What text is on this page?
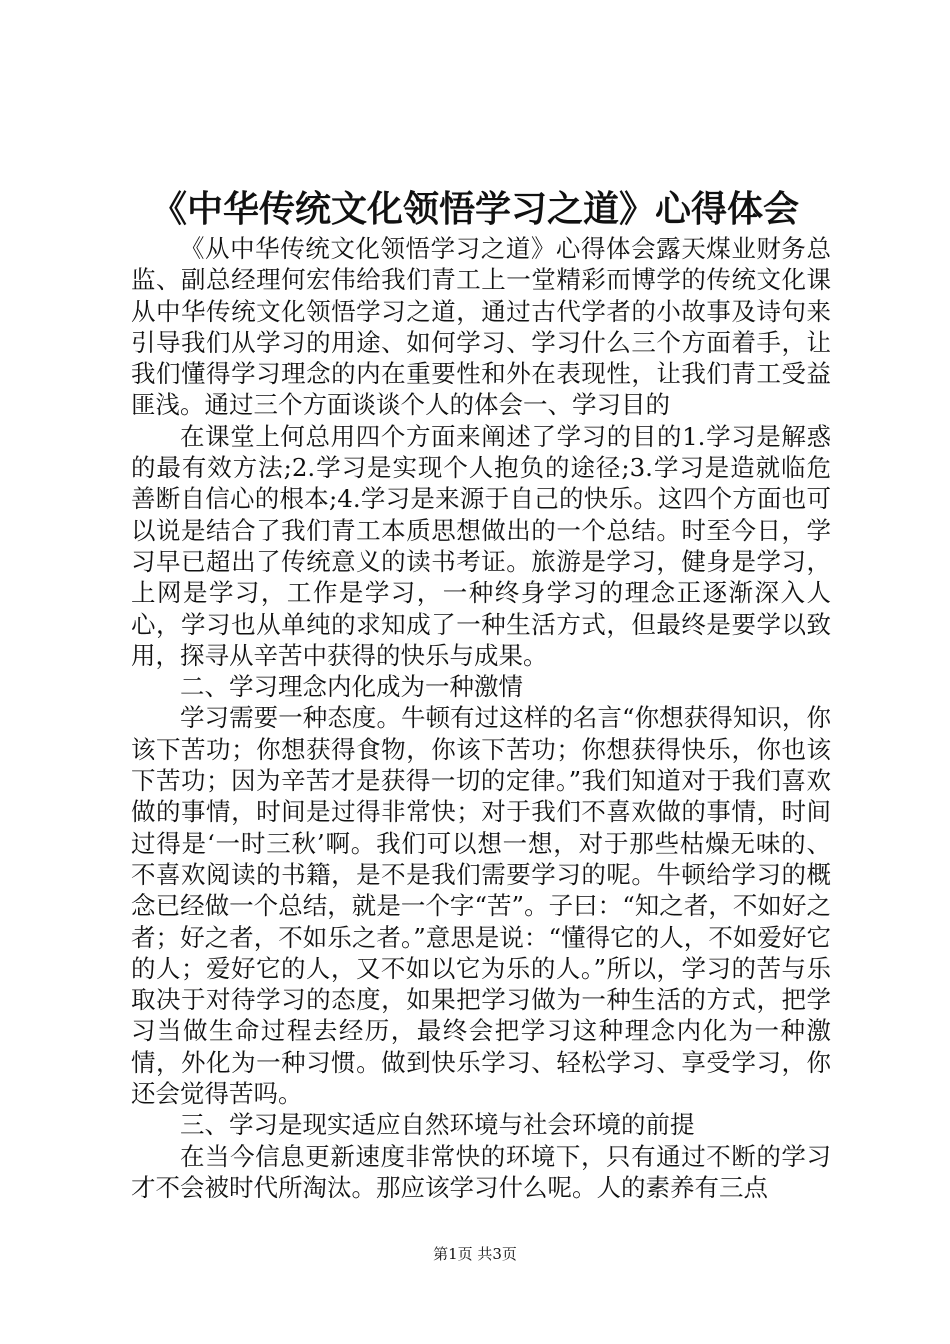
《中华传统文化领悟学习之道》心得体会

《从中华传统文化领悟学习之道》心得体会露天煤业财务总监、副总经理何宏伟给我们青工上一堂精彩而博学的传统文化课从中华传统文化领悟学习之道，通过古代学者的小故事及诗句来引导我们从学习的用途、如何学习、学习什么三个方面着手，让我们懂得学习理念的内在重要性和外在表现性，让我们青工受益匪浅。通过三个方面谈谈个人的体会一、学习目的

在课堂上何总用四个方面来阐述了学习的目的1.学习是解惑的最有效方法;2.学习是实现个人抱负的途径;3.学习是造就临危善断自信心的根本;4.学习是来源于自己的快乐。这四个方面也可以说是结合了我们青工本质思想做出的一个总结。时至今日，学习早已超出了传统意义的读书考证。旅游是学习，健身是学习，上网是学习，工作是学习，一种终身学习的理念正逐渐深入人心，学习也从单纯的求知成了一种生活方式，但最终是要学以致用，探寻从辛苦中获得的快乐与成果。

二、学习理念内化成为一种激情

学习需要一种态度。牛顿有过这样的名言“你想获得知识，你该下苦功；你想获得食物，你该下苦功；你想获得快乐，你也该下苦功；因为辛苦才是获得一切的定律。”我们知道对于我们喜欢做的事情，时间是过得非常快；对于我们不喜欢做的事情，时间过得是‘一时三秋’啊。我们可以想一想，对于那些枯燥无味的、不喜欢阅读的书籍，是不是我们需要学习的呢。牛顿给学习的概念已经做一个总结，就是一个字“苦”。子曰：“知之者，不如好之者；好之者，不如乐之者。”意思是说：“懂得它的人，不如爱好它的人；爱好它的人，又不如以它为乐的人。”所以，学习的苦与乐取决于对待学习的态度，如果把学习做为一种生活的方式，把学习当做生命过程去经历，最终会把学习这种理念内化为一种激情，外化为一种习惯。做到快乐学习、轻松学习、享受学习，你还会觉得苦吗。

三、学习是现实适应自然环境与社会环境的前提

在当今信息更新速度非常快的环境下，只有通过不断的学习才不会被时代所淘汰。那应该学习什么呢。人的素养有三点

第1页 共3页
